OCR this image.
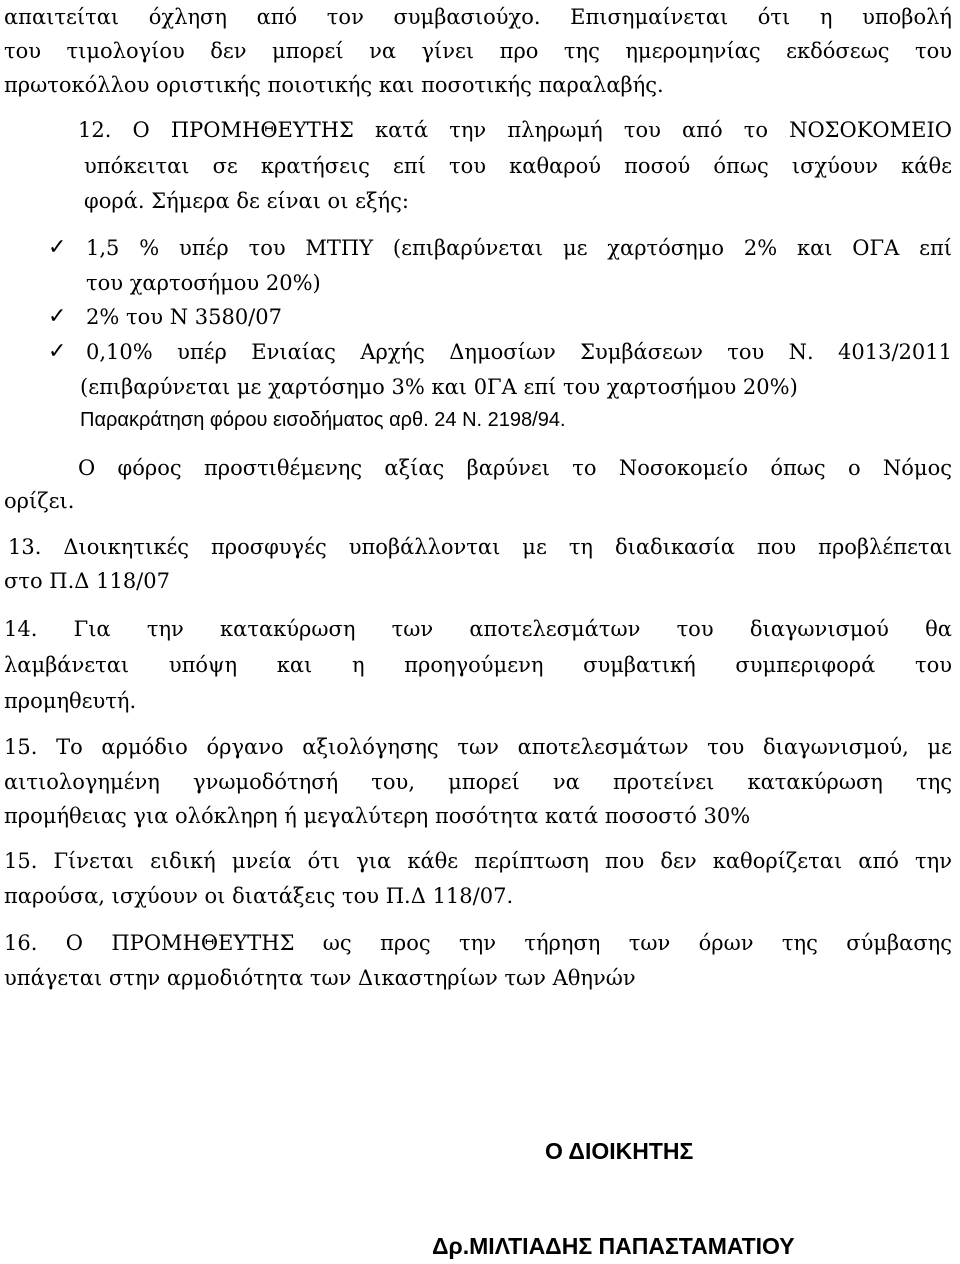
απαιτείται όχληση από τον συμβασιούχο. Επισημαίνεται ότι η υποβολή
του τιμολογίου δεν μπορεί να γίνει προ της ημερομηνίας εκδόσεως του
πρωτοκόλλου οριστικής ποιοτικής και ποσοτικής παραλαβής.
12. Ο ΠΡΟΜΗΘΕΥΤΗΣ κατά την πληρωμή του από το ΝΟΣΟΚΟΜΕΙΟ
υπόκειται σε κρατήσεις επί του καθαρού ποσού όπως ισχύουν κάθε
φορά. Σήμερα δε είναι οι εξής:
✓ 1,5 % υπέρ του ΜΤΠΥ (επιβαρύνεται με χαρτόσημο 2% και ΟΓΑ επί
του χαρτοσήμου 20%)
✓ 2% του Ν 3580/07
✓ 0,10% υπέρ Ενιαίας Αρχής Δημοσίων Συμβάσεων του Ν. 4013/2011
(επιβαρύνεται με χαρτόσημο 3% και 0ΓΑ επί του χαρτοσήμου 20%)
Παρακράτηση φόρου εισοδήματος αρθ. 24 Ν. 2198/94.
Ο φόρος προστιθέμενης αξίας βαρύνει το Νοσοκομείο όπως ο Νόμος
ορίζει.
13. Διοικητικές προσφυγές υποβάλλονται με τη διαδικασία που προβλέπεται
στο Π.Δ 118/07
14. Για την κατακύρωση των αποτελεσμάτων του διαγωνισμού θα
λαμβάνεται υπόψη και η προηγούμενη συμβατική συμπεριφορά του
προμηθευτή.
15. Το αρμόδιο όργανο αξιολόγησης των αποτελεσμάτων του διαγωνισμού, με
αιτιολογημένη γνωμοδότησή του, μπορεί να προτείνει κατακύρωση της
προμήθειας για ολόκληρη ή μεγαλύτερη ποσότητα κατά ποσοστό 30%
15. Γίνεται ειδική μνεία ότι για κάθε περίπτωση που δεν καθορίζεται από την
παρούσα, ισχύουν οι διατάξεις του Π.Δ 118/07.
16. Ο ΠΡΟΜΗΘΕΥΤΗΣ ως προς την τήρηση των όρων της σύμβασης
υπάγεται στην αρμοδιότητα των Δικαστηρίων των Αθηνών
Ο ΔΙΟΙΚΗΤΗΣ
Δρ.ΜΙΛΤΙΑΔΗΣ ΠΑΠΑΣΤΑΜΑΤΙΟΥ
